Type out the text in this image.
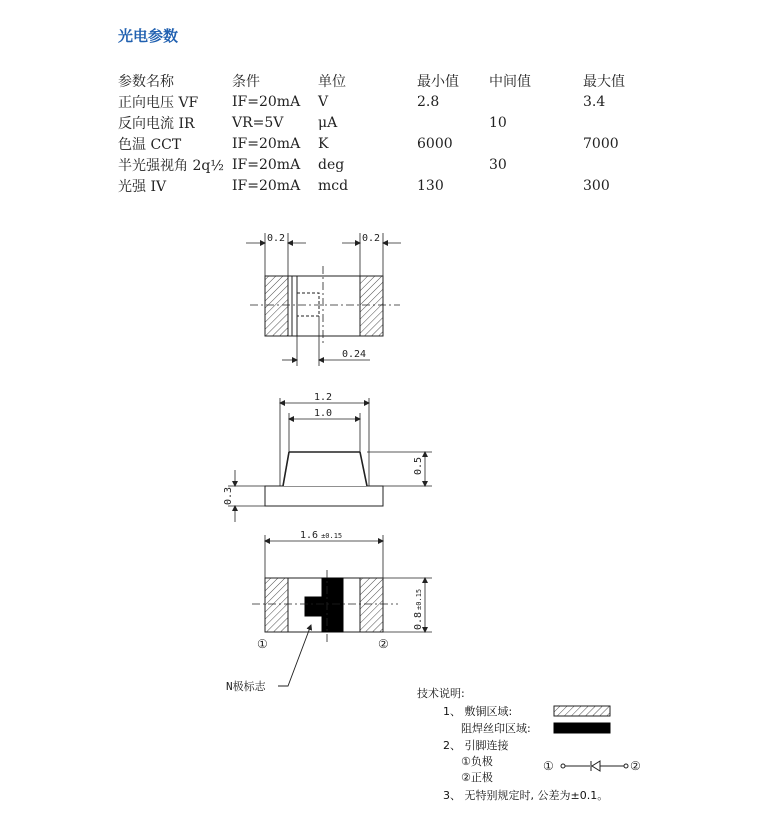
光电参数
参数名称	条件	单位	最小值	中间值	最大值
正向电压 VF	IF=20mA	V	2.8		3.4
反向电流 IR	VR=5V	μA		10	
色温 CCT	IF=20mA	K	6000		7000
半光强视角 2q½	IF=20mA	deg		30	
光强 IV	IF=20mA	mcd	130		300
0.2	0.2
0.24
1.2
1.0
0.5
0.3
1.6 ±0.15
0.8±0.15
①	②
N极标志
技术说明:
1、 敷铜区域:
阻焊丝印区域:
2、 引脚连接
①负极
②正极
①	②
3、 无特别规定时, 公差为±0.1。
